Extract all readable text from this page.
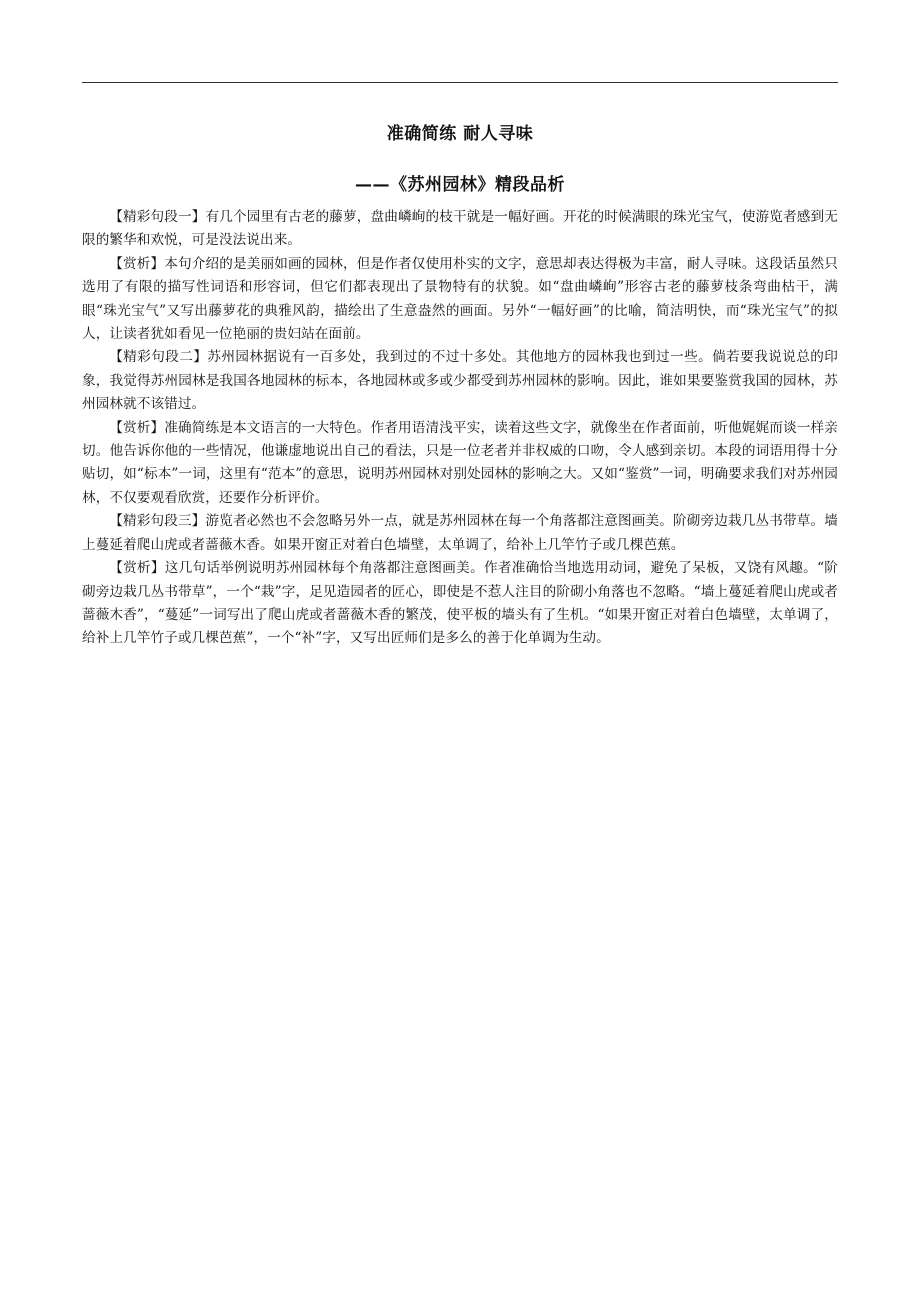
准确简练 耐人寻味
——《苏州园林》精段品析

【精彩句段一】有几个园里有古老的藤萝，盘曲嶙峋的枝干就是一幅好画。开花的时候满眼的珠光宝气，使游览者感到无限的繁华和欢悦，可是没法说出来。

【赏析】本句介绍的是美丽如画的园林，但是作者仅使用朴实的文字，意思却表达得极为丰富，耐人寻味。这段话虽然只选用了有限的描写性词语和形容词，但它们都表现出了景物特有的状貌。如“盘曲嶙峋”形容古老的藤萝枝条弯曲枯干，满眼“珠光宝气”又写出藤萝花的典雅风韵，描绘出了生意盎然的画面。另外“一幅好画”的比喻，简洁明快，而“珠光宝气”的拟人，让读者犹如看见一位艳丽的贵妇站在面前。

【精彩句段二】苏州园林据说有一百多处，我到过的不过十多处。其他地方的园林我也到过一些。倘若要我说说总的印象，我觉得苏州园林是我国各地园林的标本，各地园林或多或少都受到苏州园林的影响。因此，谁如果要鉴赏我国的园林，苏州园林就不该错过。

【赏析】准确简练是本文语言的一大特色。作者用语清浅平实，读着这些文字，就像坐在作者面前，听他娓娓而谈一样亲切。他告诉你他的一些情况，他谦虚地说出自己的看法，只是一位老者并非权威的口吻，令人感到亲切。本段的词语用得十分贴切，如“标本”一词，这里有“范本”的意思，说明苏州园林对别处园林的影响之大。又如“鉴赏”一词，明确要求我们对苏州园林，不仅要观看欣赏，还要作分析评价。

【精彩句段三】游览者必然也不会忽略另外一点，就是苏州园林在每一个角落都注意图画美。阶砌旁边栽几丛书带草。墙上蔓延着爬山虎或者蔷薇木香。如果开窗正对着白色墙壁，太单调了，给补上几竿竹子或几棵芭蕉。

【赏析】这几句话举例说明苏州园林每个角落都注意图画美。作者准确恰当地选用动词，避免了呆板，又饶有风趣。“阶砌旁边栽几丛书带草”，一个“栽”字，足见造园者的匠心，即使是不惹人注目的阶砌小角落也不忽略。“墙上蔓延着爬山虎或者蔷薇木香”，“蔓延”一词写出了爬山虎或者蔷薇木香的繁茂，使平板的墙头有了生机。“如果开窗正对着白色墙壁，太单调了，给补上几竿竹子或几棵芭蕉”，一个“补”字，又写出匠师们是多么的善于化单调为生动。
